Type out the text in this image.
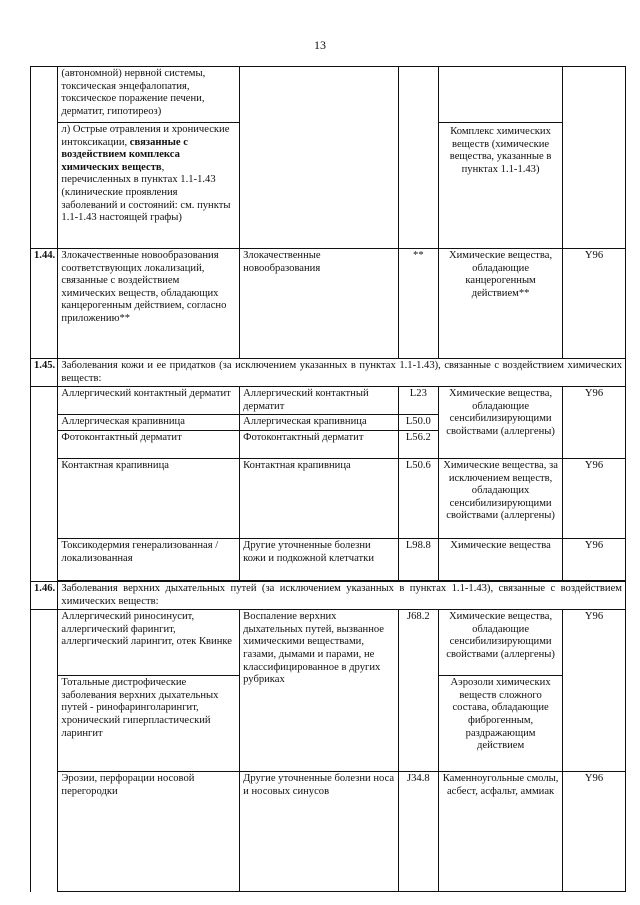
13
	(автономной) нервной системы, токсическая энцефалопатия, токсическое поражение печени, дерматит, гипотиреоз)				
	л) Острые отравления и хронические интоксикации, связанные с воздействием комплекса химических веществ, перечисленных в пунктах 1.1-1.43 (клинические проявления заболеваний и состояний: см. пункты 1.1-1.43 настоящей графы)			Комплекс химических веществ (химические вещества, указанные в пунктах 1.1-1.43)	
1.44.	Злокачественные новообразования соответствующих локализаций, связанные с воздействием химических веществ, обладающих канцерогенным действием, согласно приложению**	Злокачественные новообразования	**	Химические вещества, обладающие канцерогенным действием**	Y96
1.45.	Заболевания кожи и ее придатков (за исключением указанных в пунктах 1.1-1.43), связанные с воздействием химических веществ:				
	Аллергический контактный дерматит	Аллергический контактный дерматит	L23	Химические вещества, обладающие сенсибилизирующими свойствами (аллергены)	Y96
	Аллергическая крапивница	Аллергическая крапивница	L50.0		
	Фотоконтактный дерматит	Фотоконтактный дерматит	L56.2		
	Контактная крапивница	Контактная крапивница	L50.6	Химические вещества, за исключением веществ, обладающих сенсибилизирующими свойствами (аллергены)	Y96
	Токсикодермия генерализованная /локализованная	Другие уточненные болезни кожи и подкожной клетчатки	L98.8	Химические вещества	Y96

1.46.	Заболевания верхних дыхательных путей (за исключением указанных в пунктах 1.1-1.43), связанные с воздействием химических веществ:				
	Аллергический риносинусит, аллергический фарингит, аллергический ларингит, отек Квинке	Воспаление верхних дыхательных путей, вызванное химическими веществами, газами, дымами и парами, не классифицированное в других рубриках	J68.2	Химические вещества, обладающие сенсибилизирующими свойствами (аллергены)	Y96
	Тотальные дистрофические заболевания верхних дыхательных путей - ринофаринголарингит, хронический гиперпластический ларингит			Аэрозоли химических веществ сложного состава, обладающие фиброгенным, раздражающим действием	
	Эрозии, перфорации носовой перегородки	Другие уточненные болезни носа и носовых синусов	J34.8	Каменноугольные смолы, асбест, асфальт, аммиак	Y96
